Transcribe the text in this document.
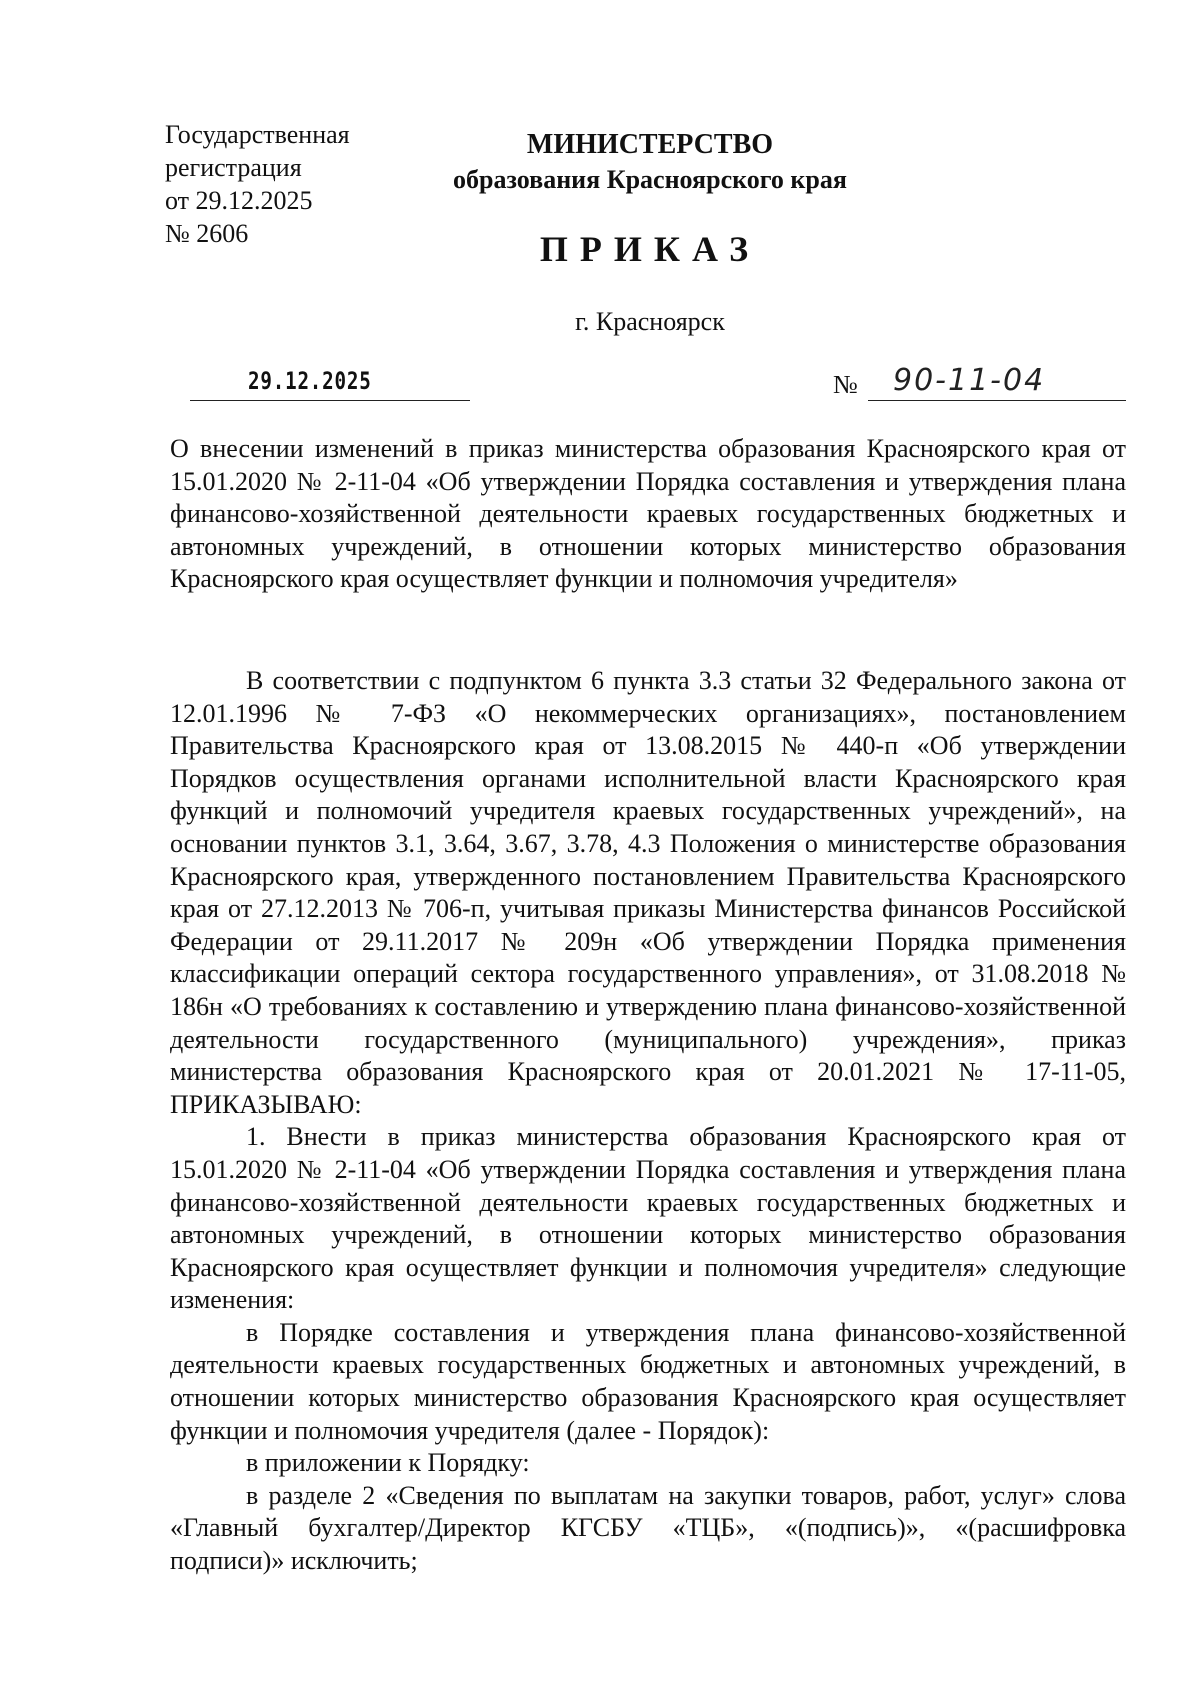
Государственная
регистрация
от 29.12.2025
№ 2606
МИНИСТЕРСТВО
образования Красноярского края
ПРИКАЗ
г. Красноярск
29.12.2025	№ 90-11-04
О внесении изменений в приказ министерства образования Красноярского края от 15.01.2020 № 2-11-04 «Об утверждении Порядка составления и утверждения плана финансово-хозяйственной деятельности краевых государственных бюджетных и автономных учреждений, в отношении которых министерство образования Красноярского края осуществляет функции и полномочия учредителя»

В соответствии с подпунктом 6 пункта 3.3 статьи 32 Федерального закона от 12.01.1996 № 7-ФЗ «О некоммерческих организациях», постановлением Правительства Красноярского края от 13.08.2015 № 440-п «Об утверждении Порядков осуществления органами исполнительной власти Красноярского края функций и полномочий учредителя краевых государственных учреждений», на основании пунктов 3.1, 3.64, 3.67, 3.78, 4.3 Положения о министерстве образования Красноярского края, утвержденного постановлением Правительства Красноярского края от 27.12.2013 № 706-п, учитывая приказы Министерства финансов Российской Федерации от 29.11.2017 № 209н «Об утверждении Порядка применения классификации операций сектора государственного управления», от 31.08.2018 № 186н «О требованиях к составлению и утверждению плана финансово-хозяйственной деятельности государственного (муниципального) учреждения», приказ министерства образования Красноярского края от 20.01.2021 № 17-11-05, ПРИКАЗЫВАЮ:

1. Внести в приказ министерства образования Красноярского края от 15.01.2020 № 2-11-04 «Об утверждении Порядка составления и утверждения плана финансово-хозяйственной деятельности краевых государственных бюджетных и автономных учреждений, в отношении которых министерство образования Красноярского края осуществляет функции и полномочия учредителя» следующие изменения:

в Порядке составления и утверждения плана финансово-хозяйственной деятельности краевых государственных бюджетных и автономных учреждений, в отношении которых министерство образования Красноярского края осуществляет функции и полномочия учредителя (далее - Порядок):

в приложении к Порядку:

в разделе 2 «Сведения по выплатам на закупки товаров, работ, услуг» слова «Главный бухгалтер/Директор КГСБУ «ТЦБ», «(подпись)», «(расшифровка подписи)» исключить;
